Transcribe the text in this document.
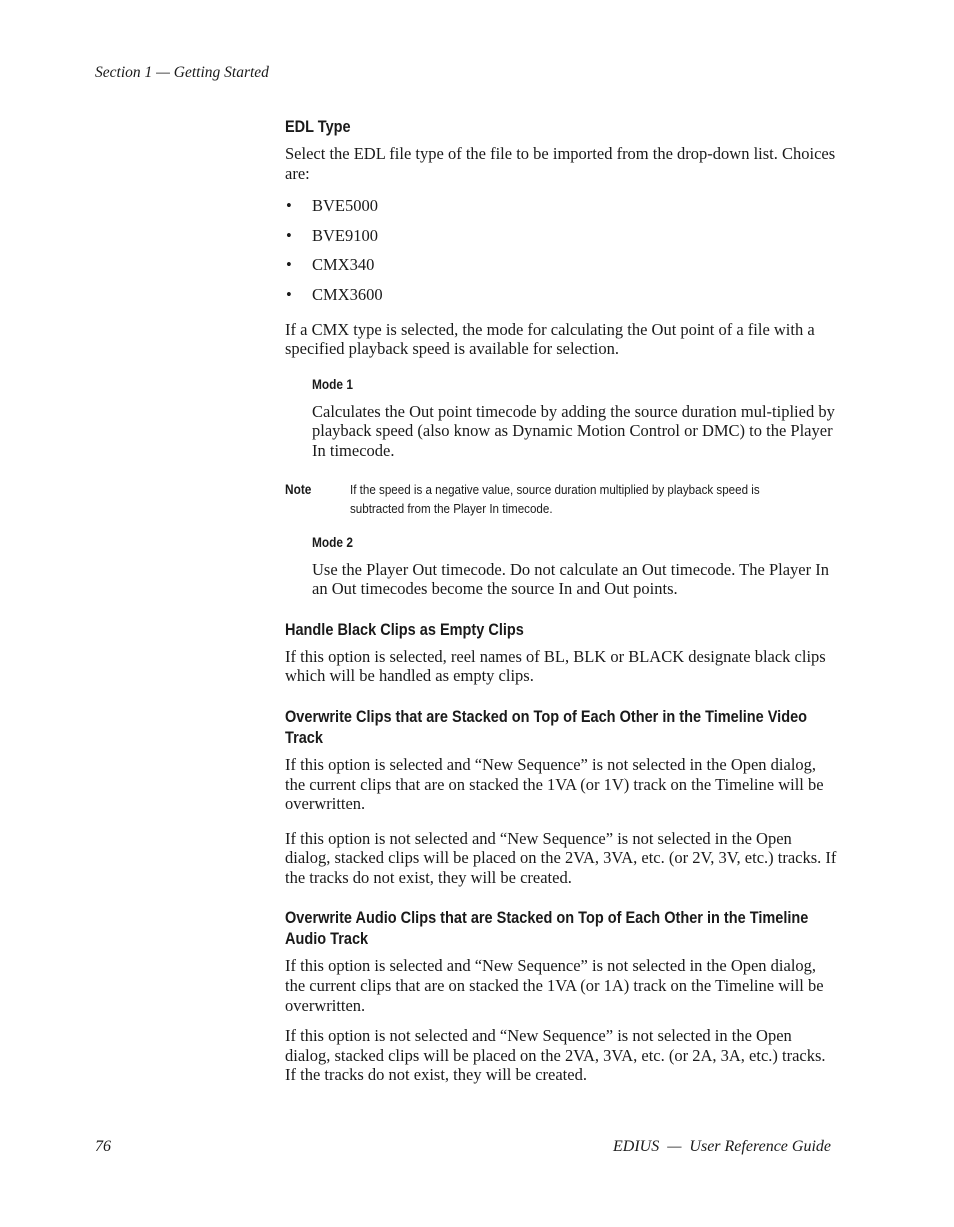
Section 1 — Getting Started
EDL Type

Select the EDL file type of the file to be imported from the drop-down list. Choices are:

• BVE5000
• BVE9100
• CMX340
• CMX3600

If a CMX type is selected, the mode for calculating the Out point of a file with a specified playback speed is available for selection.

Mode 1

Calculates the Out point timecode by adding the source duration mul-tiplied by playback speed (also know as Dynamic Motion Control or DMC) to the Player In timecode.

Note	If the speed is a negative value, source duration multiplied by playback speed is subtracted from the Player In timecode.
Mode 2

Use the Player Out timecode. Do not calculate an Out timecode. The Player In an Out timecodes become the source In and Out points.

Handle Black Clips as Empty Clips

If this option is selected, reel names of BL, BLK or BLACK designate black clips which will be handled as empty clips.

Overwrite Clips that are Stacked on Top of Each Other in the Timeline Video Track

If this option is selected and “New Sequence” is not selected in the Open dialog, the current clips that are on stacked the 1VA (or 1V) track on the Timeline will be overwritten.

If this option is not selected and “New Sequence” is not selected in the Open dialog, stacked clips will be placed on the 2VA, 3VA, etc. (or 2V, 3V, etc.) tracks. If the tracks do not exist, they will be created.

Overwrite Audio Clips that are Stacked on Top of Each Other in the Timeline Audio Track

If this option is selected and “New Sequence” is not selected in the Open dialog, the current clips that are on stacked the 1VA (or 1A) track on the Timeline will be overwritten.

If this option is not selected and “New Sequence” is not selected in the Open dialog, stacked clips will be placed on the 2VA, 3VA, etc. (or 2A, 3A, etc.) tracks. If the tracks do not exist, they will be created.

76	EDIUS  —  User Reference Guide
